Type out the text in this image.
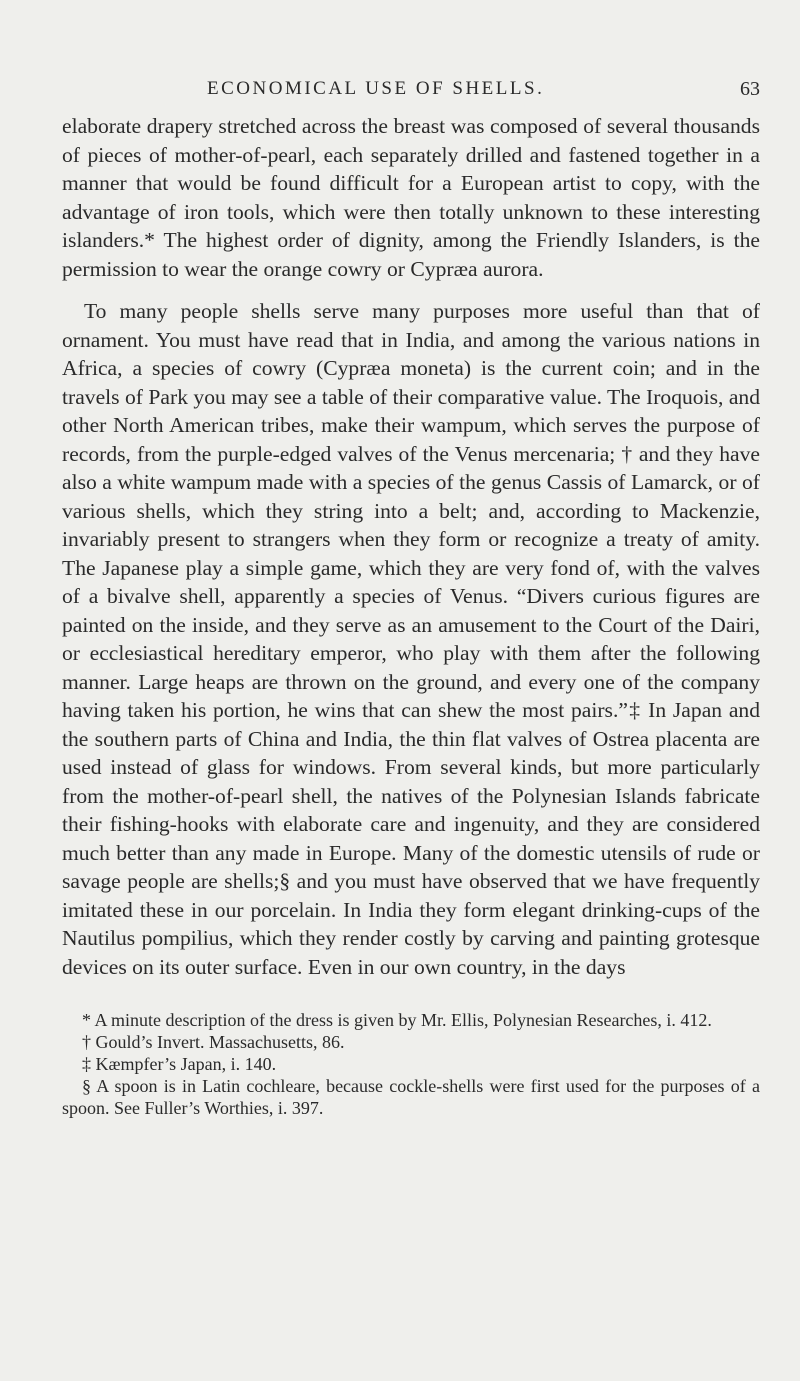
ECONOMICAL USE OF SHELLS.	63

elaborate drapery stretched across the breast was composed of several thousands of pieces of mother-of-pearl, each separately drilled and fastened together in a manner that would be found difficult for a European artist to copy, with the advantage of iron tools, which were then totally unknown to these interesting islanders.* The highest order of dignity, among the Friendly Islanders, is the permission to wear the orange cowry or Cypræa aurora.

To many people shells serve many purposes more useful than that of ornament. You must have read that in India, and among the various nations in Africa, a species of cowry (Cypræa moneta) is the current coin; and in the travels of Park you may see a table of their comparative value. The Iroquois, and other North American tribes, make their wampum, which serves the purpose of records, from the purple-edged valves of the Venus mercenaria; † and they have also a white wampum made with a species of the genus Cassis of Lamarck, or of various shells, which they string into a belt; and, according to Mackenzie, invariably present to strangers when they form or recognize a treaty of amity. The Japanese play a simple game, which they are very fond of, with the valves of a bivalve shell, apparently a species of Venus. “Divers curious figures are painted on the inside, and they serve as an amusement to the Court of the Dairi, or ecclesiastical hereditary emperor, who play with them after the following manner. Large heaps are thrown on the ground, and every one of the company having taken his portion, he wins that can shew the most pairs.”‡ In Japan and the southern parts of China and India, the thin flat valves of Ostrea placenta are used instead of glass for windows. From several kinds, but more particularly from the mother-of-pearl shell, the natives of the Polynesian Islands fabricate their fishing-hooks with elaborate care and ingenuity, and they are considered much better than any made in Europe. Many of the domestic utensils of rude or savage people are shells;§ and you must have observed that we have frequently imitated these in our porcelain. In India they form elegant drinking-cups of the Nautilus pompilius, which they render costly by carving and painting grotesque devices on its outer surface. Even in our own country, in the days

* A minute description of the dress is given by Mr. Ellis, Polynesian Researches, i. 412.

† Gould’s Invert. Massachusetts, 86.

‡ Kæmpfer’s Japan, i. 140.

§ A spoon is in Latin cochleare, because cockle-shells were first used for the purposes of a spoon. See Fuller’s Worthies, i. 397.
